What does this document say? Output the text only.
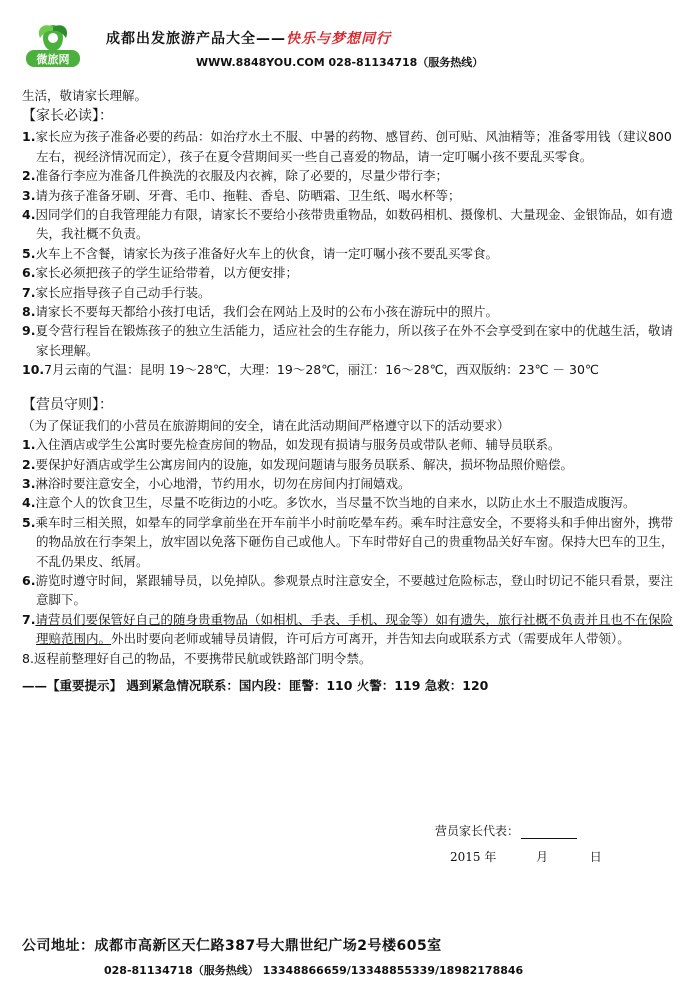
微旅网
成都出发旅游产品大全——快乐与梦想同行
WWW.8848YOU.COM 028-81134718（服务热线）

生活，敬请家长理解。

【家长必读】：

1.家长应为孩子准备必要的药品：如治疗水土不服、中暑的药物、感冒药、创可贴、风油精等；准备零用钱（建议800左右，视经济情况而定），孩子在夏令营期间买一些自己喜爱的物品，请一定叮嘱小孩不要乱买零食。

2.准备行李应为准备几件换洗的衣服及内衣裤，除了必要的，尽量少带行李；

3.请为孩子准备牙刷、牙膏、毛巾、拖鞋、香皂、防晒霜、卫生纸、喝水杯等；

4.因同学们的自我管理能力有限，请家长不要给小孩带贵重物品，如数码相机、摄像机、大量现金、金银饰品，如有遗失，我社概不负责。

5.火车上不含餐，请家长为孩子准备好火车上的伙食，请一定叮嘱小孩不要乱买零食。

6.家长必须把孩子的学生证给带着，以方便安排；

7.家长应指导孩子自己动手行装。

8.请家长不要每天都给小孩打电话，我们会在网站上及时的公布小孩在游玩中的照片。

9.夏令营行程旨在锻炼孩子的独立生活能力，适应社会的生存能力，所以孩子在外不会享受到在家中的优越生活，敬请家长理解。

10.7月云南的气温：昆明 19～28℃，大理：19～28℃，丽江：16～28℃，西双版纳：23℃ － 30℃

【营员守则】：

（为了保证我们的小营员在旅游期间的安全，请在此活动期间严格遵守以下的活动要求）

1.入住酒店或学生公寓时要先检查房间的物品，如发现有损请与服务员或带队老师、辅导员联系。

2.要保护好酒店或学生公寓房间内的设施，如发现问题请与服务员联系、解决，损坏物品照价赔偿。

3.淋浴时要注意安全，小心地滑，节约用水，切勿在房间内打闹嬉戏。

4.注意个人的饮食卫生，尽量不吃街边的小吃。多饮水，当尽量不饮当地的自来水，以防止水土不服造成腹泻。

5.乘车时三相关照，如晕车的同学拿前坐在开车前半小时前吃晕车药。乘车时注意安全，不要将头和手伸出窗外，携带的物品放在行李架上，放牢固以免落下砸伤自己或他人。下车时带好自己的贵重物品关好车窗。保持大巴车的卫生，不乱仍果皮、纸屑。

6.游览时遵守时间，紧跟辅导员，以免掉队。参观景点时注意安全，不要越过危险标志，登山时切记不能只看景，要注意脚下。

7.请营员们要保管好自己的随身贵重物品（如相机、手表、手机、现金等）如有遗失，旅行社概不负责并且也不在保险理赔范围内。外出时要向老师或辅导员请假，许可后方可离开，并告知去向或联系方式（需要成年人带领）。

8.返程前整理好自己的物品，不要携带民航或铁路部门明令禁。

——【重要提示】 遇到紧急情况联系：国内段：匪警：110 火警：119 急救：120

营员家长代表：
2015 年	月	日
公司地址：成都市高新区天仁路387号大鼎世纪广场2号楼605室
028-81134718（服务热线） 13348866659/13348855339/18982178846
